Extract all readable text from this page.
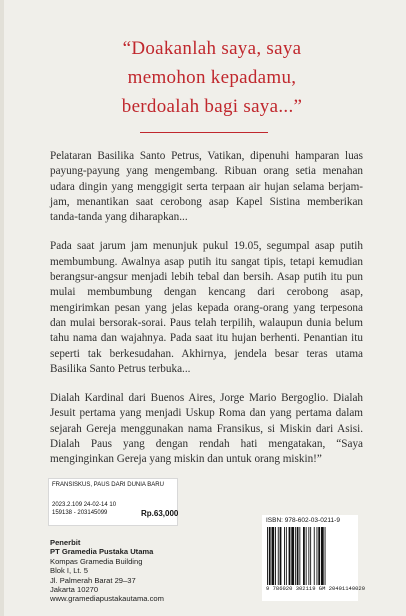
“Doakanlah saya, saya
memohon kepadamu,
berdoalah bagi saya...”

Pelataran Basilika Santo Petrus, Vatikan, dipenuhi hamparan luas payung-payung yang mengembang. Ribuan orang setia menahan udara dingin yang menggigit serta terpaan air hujan selama berjam-jam, menantikan saat cerobong asap Kapel Sistina memberikan tanda-tanda yang diharapkan...

Pada saat jarum jam menunjuk pukul 19.05, segumpal asap putih membumbung. Awalnya asap putih itu sangat tipis, tetapi kemudian berangsur-angsur menjadi lebih tebal dan bersih. Asap putih itu pun mulai membumbung dengan kencang dari cerobong asap, mengirimkan pesan yang jelas kepada orang-orang yang terpesona dan mulai bersorak-sorai. Paus telah terpilih, walaupun dunia belum tahu nama dan wajahnya. Pada saat itu hujan berhenti. Penantian itu seperti tak berkesudahan. Akhirnya, jendela besar teras utama Basilika Santo Petrus terbuka...

Dialah Kardinal dari Buenos Aires, Jorge Mario Bergoglio. Dialah Jesuit pertama yang menjadi Uskup Roma dan yang pertama dalam sejarah Gereja menggunakan nama Fransikus, si Miskin dari Asisi. Dialah Paus yang dengan rendah hati mengatakan, “Saya menginginkan Gereja yang miskin dan untuk orang miskin!”

FRANSISKUS, PAUS DARI DUNIA BARU
2023.2.109 24-02-14 10
159138 - 203145099	Rp.63,000
Penerbit
PT Gramedia Pustaka Utama
Kompas Gramedia Building
Blok I, Lt. 5
Jl. Palmerah Barat 29–37
Jakarta 10270
www.gramediapustakautama.com
ISBN: 978-602-03-0211-9
9 786020 302119 GM 20401140020
